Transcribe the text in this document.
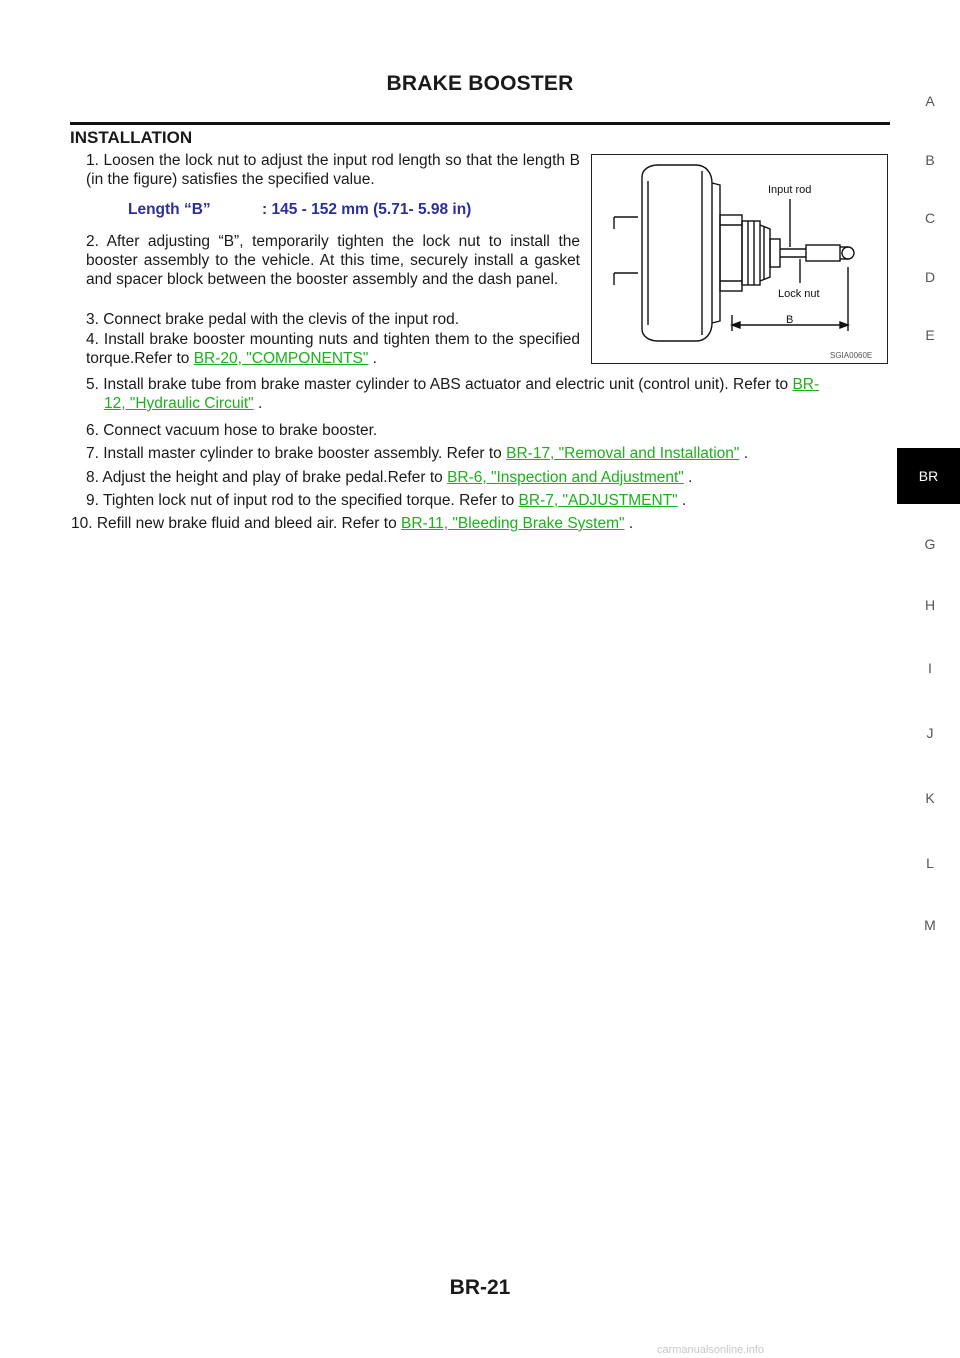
BRAKE BOOSTER
INSTALLATION
1. Loosen the lock nut to adjust the input rod length so that the length B (in the figure) satisfies the specified value.
Length “B”	: 145 - 152 mm (5.71- 5.98 in)
2. After adjusting “B”, temporarily tighten the lock nut to install the booster assembly to the vehicle. At this time, securely install a gasket and spacer block between the booster assembly and the dash panel.
3. Connect brake pedal with the clevis of the input rod.
4. Install brake booster mounting nuts and tighten them to the specified torque.Refer to BR-20, "COMPONENTS" .
5. Install brake tube from brake master cylinder to ABS actuator and electric unit (control unit). Refer to BR-
12, "Hydraulic Circuit" .
6. Connect vacuum hose to brake booster.
7. Install master cylinder to brake booster assembly. Refer to BR-17, "Removal and Installation" .
8. Adjust the height and play of brake pedal.Refer to BR-6, "Inspection and Adjustment" .
9. Tighten lock nut of input rod to the specified torque. Refer to BR-7, "ADJUSTMENT" .
10. Refill new brake fluid and bleed air. Refer to BR-11, "Bleeding Brake System" .
Input rod
Lock nut
B
SGIA0060E
A
B
C
D
E
BR
G
H
I
J
K
L
M
BR-21
carmanualsonline.info
